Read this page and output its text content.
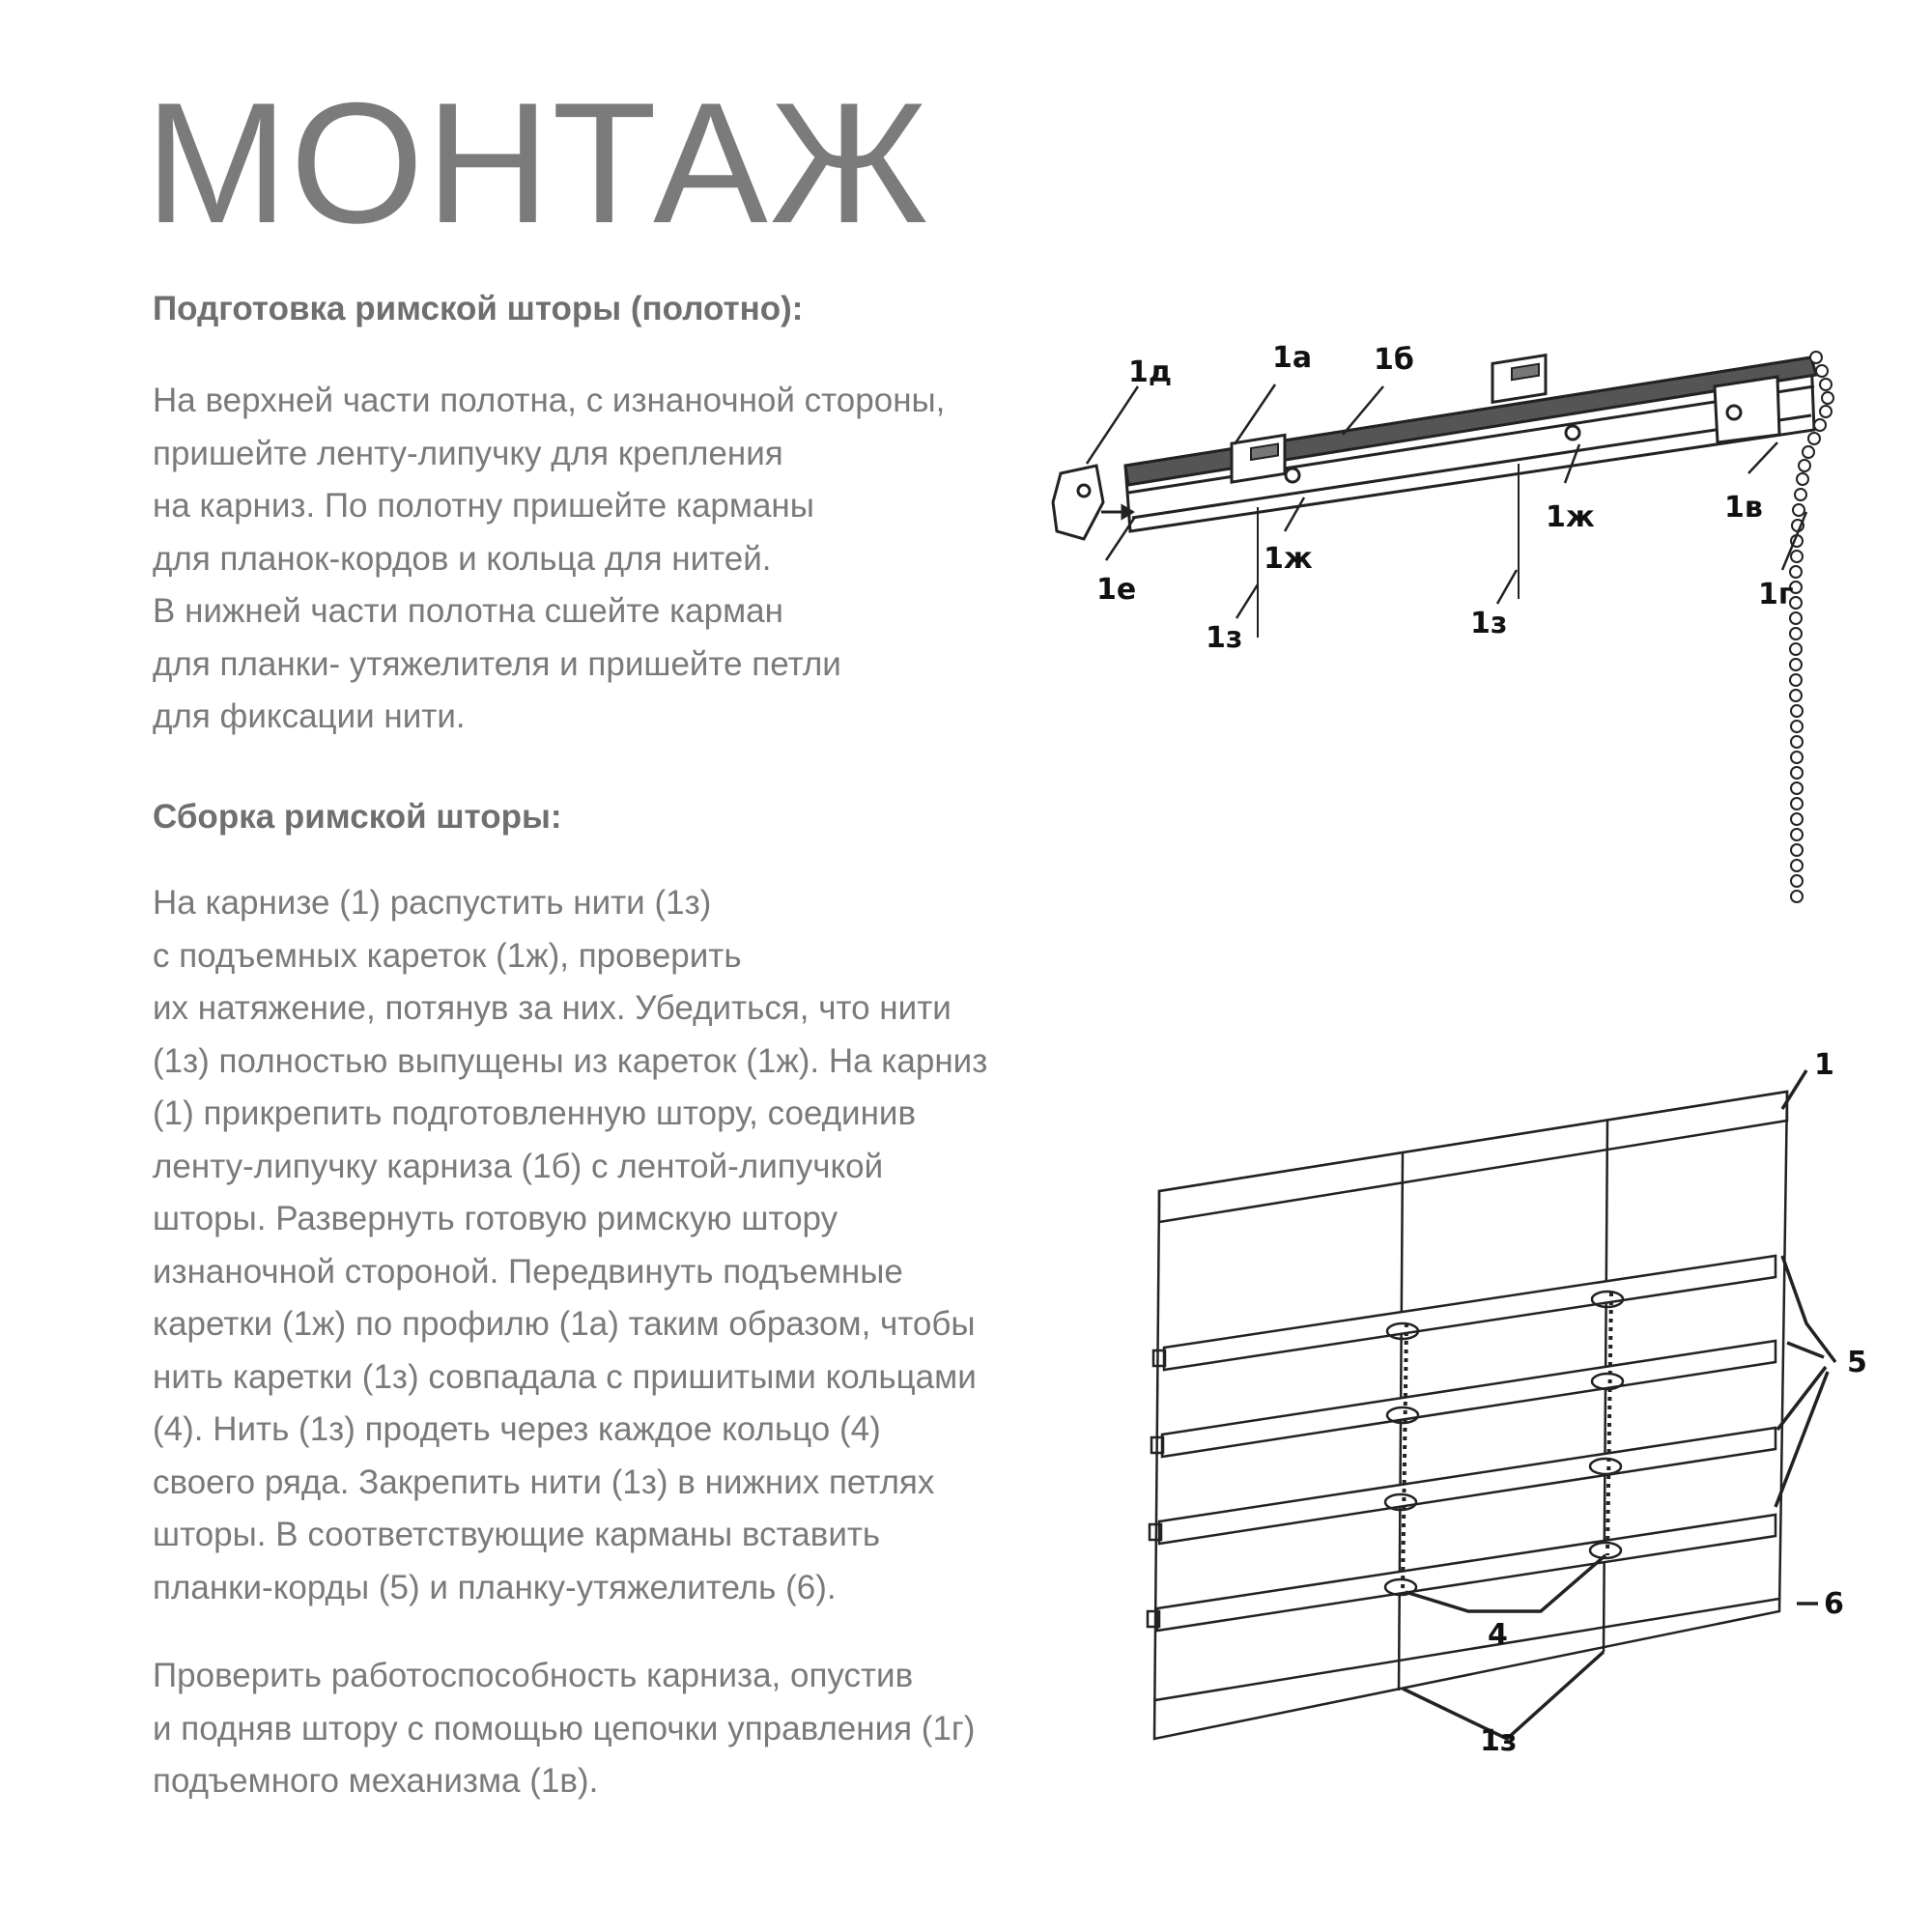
МОНТАЖ
Подготовка римской шторы (полотно):

На верхней части полотна, с изнаночной стороны,
пришейте ленту-липучку для крепления
на карниз. По полотну пришейте карманы
для планок-кордов и кольца для нитей.
В нижней части полотна сшейте карман
для планки- утяжелителя и пришейте петли
для фиксации нити.

Сборка римской шторы:

На карнизе (1) распустить нити (1з)
с подъемных кареток (1ж), проверить
их натяжение, потянув за них. Убедиться, что нити
(1з) полностью выпущены из кареток (1ж). На карниз
(1) прикрепить подготовленную штору, соединив
ленту-липучку карниза (1б) с лентой-липучкой
шторы. Развернуть готовую римскую штору
изнаночной стороной. Передвинуть подъемные
каретки (1ж) по профилю (1а) таким образом, чтобы
нить каретки (1з) совпадала с пришитыми кольцами
(4). Нить (1з) продеть через каждое кольцо (4)
своего ряда. Закрепить нити (1з) в нижних петлях
шторы. В соответствующие карманы вставить
планки-корды (5) и планку-утяжелитель (6).

Проверить работоспособность карниза, опустив
и подняв штору с помощью цепочки управления (1г)
подъемного механизма (1в).

1д	1а 1б
1в
1г
1е
1ж
1ж
1з	1з
1
5
6
4
1з
